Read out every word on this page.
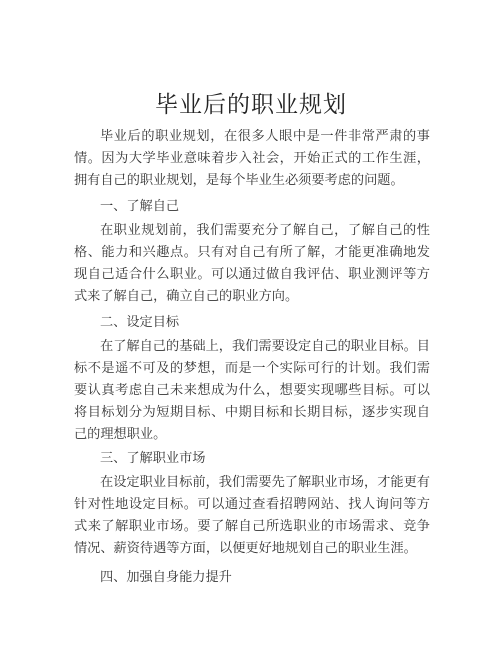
毕业后的职业规划

毕业后的职业规划，在很多人眼中是一件非常严肃的事情。因为大学毕业意味着步入社会，开始正式的工作生涯，拥有自己的职业规划，是每个毕业生必须要考虑的问题。

一、了解自己

在职业规划前，我们需要充分了解自己，了解自己的性格、能力和兴趣点。只有对自己有所了解，才能更准确地发现自己适合什么职业。可以通过做自我评估、职业测评等方式来了解自己，确立自己的职业方向。

二、设定目标

在了解自己的基础上，我们需要设定自己的职业目标。目标不是遥不可及的梦想，而是一个实际可行的计划。我们需要认真考虑自己未来想成为什么，想要实现哪些目标。可以将目标划分为短期目标、中期目标和长期目标，逐步实现自己的理想职业。

三、了解职业市场

在设定职业目标前，我们需要先了解职业市场，才能更有针对性地设定目标。可以通过查看招聘网站、找人询问等方式来了解职业市场。要了解自己所选职业的市场需求、竞争情况、薪资待遇等方面，以便更好地规划自己的职业生涯。

四、加强自身能力提升
